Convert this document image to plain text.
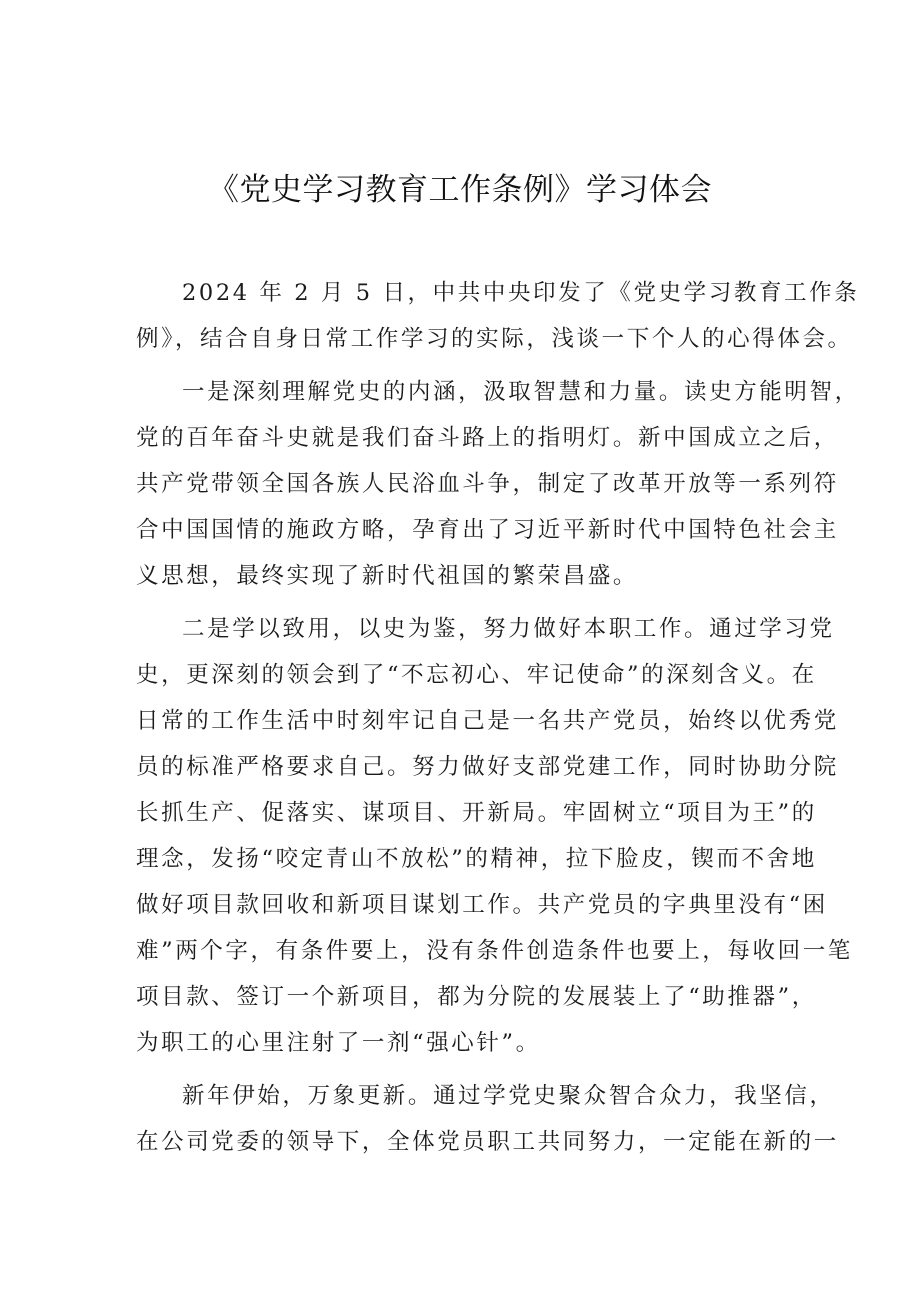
《党史学习教育工作条例》学习体会
2024 年 2 月 5 日，中共中央印发了《党史学习教育工作条
例》，结合自身日常工作学习的实际，浅谈一下个人的心得体会。
一是深刻理解党史的内涵，汲取智慧和力量。读史方能明智，
党的百年奋斗史就是我们奋斗路上的指明灯。新中国成立之后，
共产党带领全国各族人民浴血斗争，制定了改革开放等一系列符
合中国国情的施政方略，孕育出了习近平新时代中国特色社会主
义思想，最终实现了新时代祖国的繁荣昌盛。
二是学以致用，以史为鉴，努力做好本职工作。通过学习党
史，更深刻的领会到了“不忘初心、牢记使命”的深刻含义。在
日常的工作生活中时刻牢记自己是一名共产党员，始终以优秀党
员的标准严格要求自己。努力做好支部党建工作，同时协助分院
长抓生产、促落实、谋项目、开新局。牢固树立“项目为王”的
理念，发扬“咬定青山不放松”的精神，拉下脸皮，锲而不舍地
做好项目款回收和新项目谋划工作。共产党员的字典里没有“困
难”两个字，有条件要上，没有条件创造条件也要上，每收回一笔
项目款、签订一个新项目，都为分院的发展装上了“助推器”，
为职工的心里注射了一剂“强心针”。
新年伊始，万象更新。通过学党史聚众智合众力，我坚信，
在公司党委的领导下，全体党员职工共同努力，一定能在新的一
